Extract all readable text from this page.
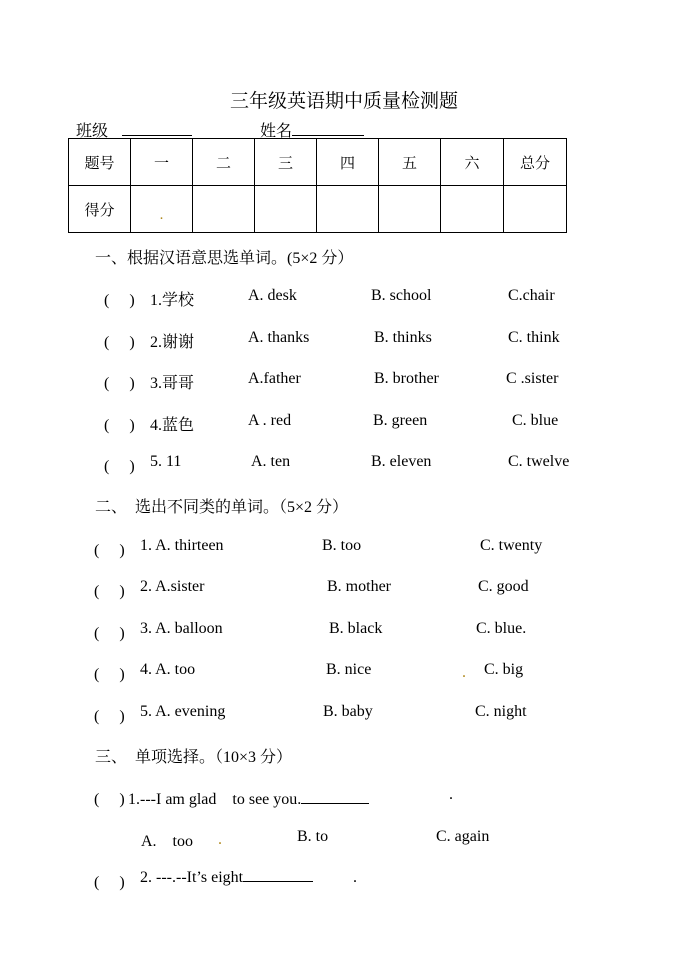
三年级英语期中质量检测题
班级	姓名
题号	一	二	三	四	五	六	总分
得分	.						
一、根据汉语意思选单词。(5×2 分）
(　 ) 1.学校	A. desk	B. school	C.chair
(　 ) 2.谢谢	A. thanks	B. thinks	C. think
(　 ) 3.哥哥	A.father	B. brother	C .sister
(　 ) 4.蓝色	A . red	B. green	C. blue
(　 ) 5. 11	A. ten	B. eleven	C. twelve
二、　选出不同类的单词。（5×2 分）
(　 ) 1. A. thirteen	B. too	C. twenty
(　 ) 2. A.sister	B. mother	C. good
(　 ) 3. A. balloon	B. black	C. blue.
(　 ) 4. A. too	B. nice	. C. big
(　 ) 5. A. evening	B. baby	C. night
三、　单项选择。（10×3 分）
(　 ) 1.---I am glad　to see you.	.
A.　too .	B. to	C. again
(　 ) 2. ---.--It’s eight	.
